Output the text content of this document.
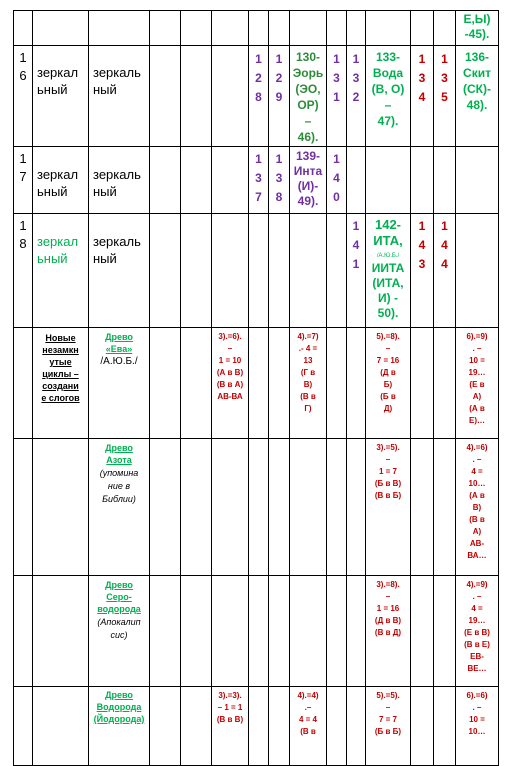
Е,Ы)
-45).
1
6 зеркал
ьный
зеркаль
ный
1
2
8
1
2
9
130-
Эорь
(ЭО,
ОР)
–
46).
1
3
1
1
3
2
133-
Вода
(В, О)
–
47).
1
3
4
1
3
5
136-
Скит
(СК)-
48).
1
7 зеркал
ьный
зеркаль
ный
1
3
7
1
3
8
139-
Инта
(И)-
49).
1
4
0
1
8 зеркал
ьный
зеркаль
ный
1
4
1
142-
ИТА,
/А.Ю.Б./
ИИТА
(ИТА,
И) -
50).
1
4
3
1
4
4
Новые
незамкн
утые
циклы –
создани
е слогов
Древо
«Ева»
/А.Ю.Б./
3).=6).
–
1 = 10
(А в В)
(В в А)
АВ-ВА
4).=7)
.- 4 =
13
(Г в
В)
(В в
Г)
5).=8).
–
7 = 16
(Д в
Б)
(Б в
Д)
6).=9)
. –
10 =
19…
(Е в
А)
(А в
Е)…
Древо
Азота
(упомина
ние в
Библии)
3).=5).
–
1 = 7
(Б в В)
(В в Б)
4).=6)
. –
4 =
10…
(А в
В)
(В в
А)
АВ-
ВА…
Древо
Серо-
водорода
(Апокалип
сис)
3).=8).
–
1 = 16
(Д в В)
(В в Д)
4).=9)
. –
4 =
19…
(Е в В)
(В в Е)
ЕВ-
ВЕ…
Древо
Водорода
(Йодорода)
3).=3).
– 1 = 1
(В в В)
4).=4)
.–
4 = 4
(В в
5).=5).
–
7 = 7
(Б в Б)
6).=6)
. –
10 =
10…
